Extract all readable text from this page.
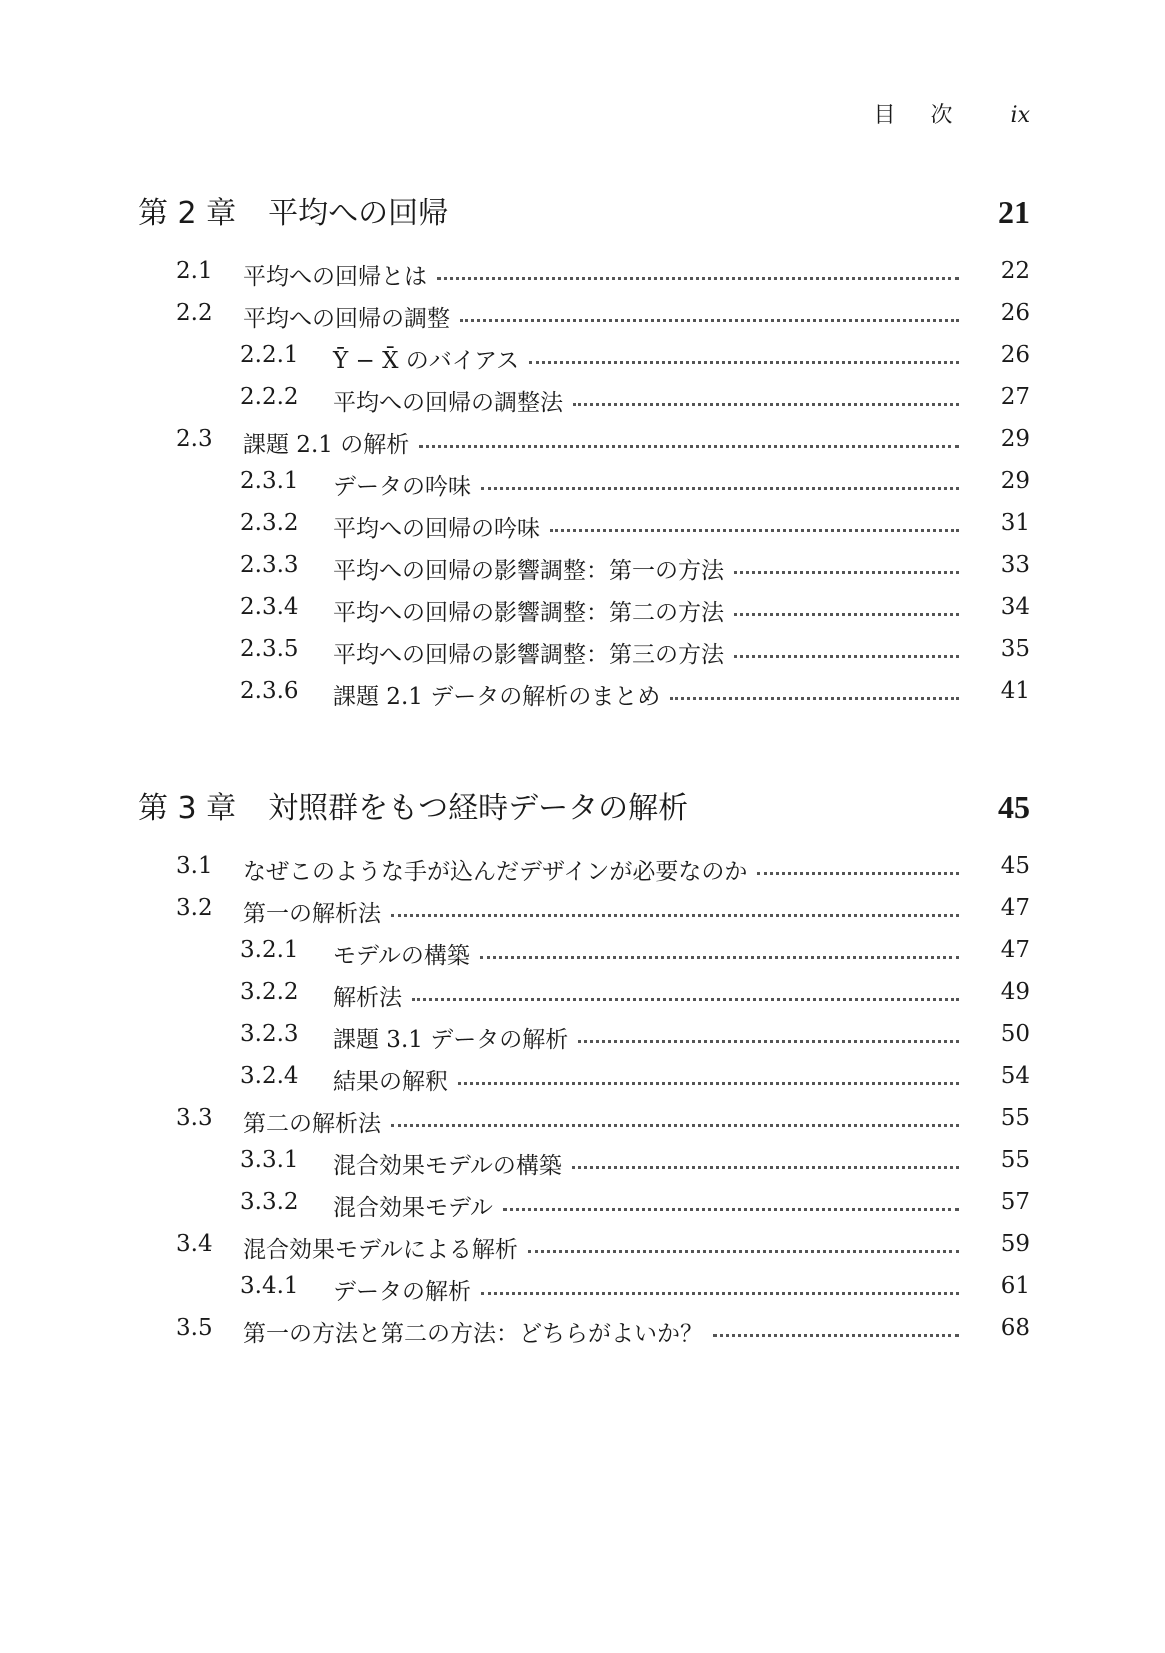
目 次 ix
第 2 章 平均への回帰	21
2.1 平均への回帰とは	22
2.2 平均への回帰の調整	26
2.2.1 Ȳ − X̄ のバイアス	26
2.2.2 平均への回帰の調整法	27
2.3 課題 2.1 の解析	29
2.3.1 データの吟味	29
2.3.2 平均への回帰の吟味	31
2.3.3 平均への回帰の影響調整：第一の方法	33
2.3.4 平均への回帰の影響調整：第二の方法	34
2.3.5 平均への回帰の影響調整：第三の方法	35
2.3.6 課題 2.1 データの解析のまとめ	41
第 3 章 対照群をもつ経時データの解析	45
3.1 なぜこのような手が込んだデザインが必要なのか	45
3.2 第一の解析法	47
3.2.1 モデルの構築	47
3.2.2 解析法	49
3.2.3 課題 3.1 データの解析	50
3.2.4 結果の解釈	54
3.3 第二の解析法	55
3.3.1 混合効果モデルの構築	55
3.3.2 混合効果モデル	57
3.4 混合効果モデルによる解析	59
3.4.1 データの解析	61
3.5 第一の方法と第二の方法：どちらがよいか？	68
